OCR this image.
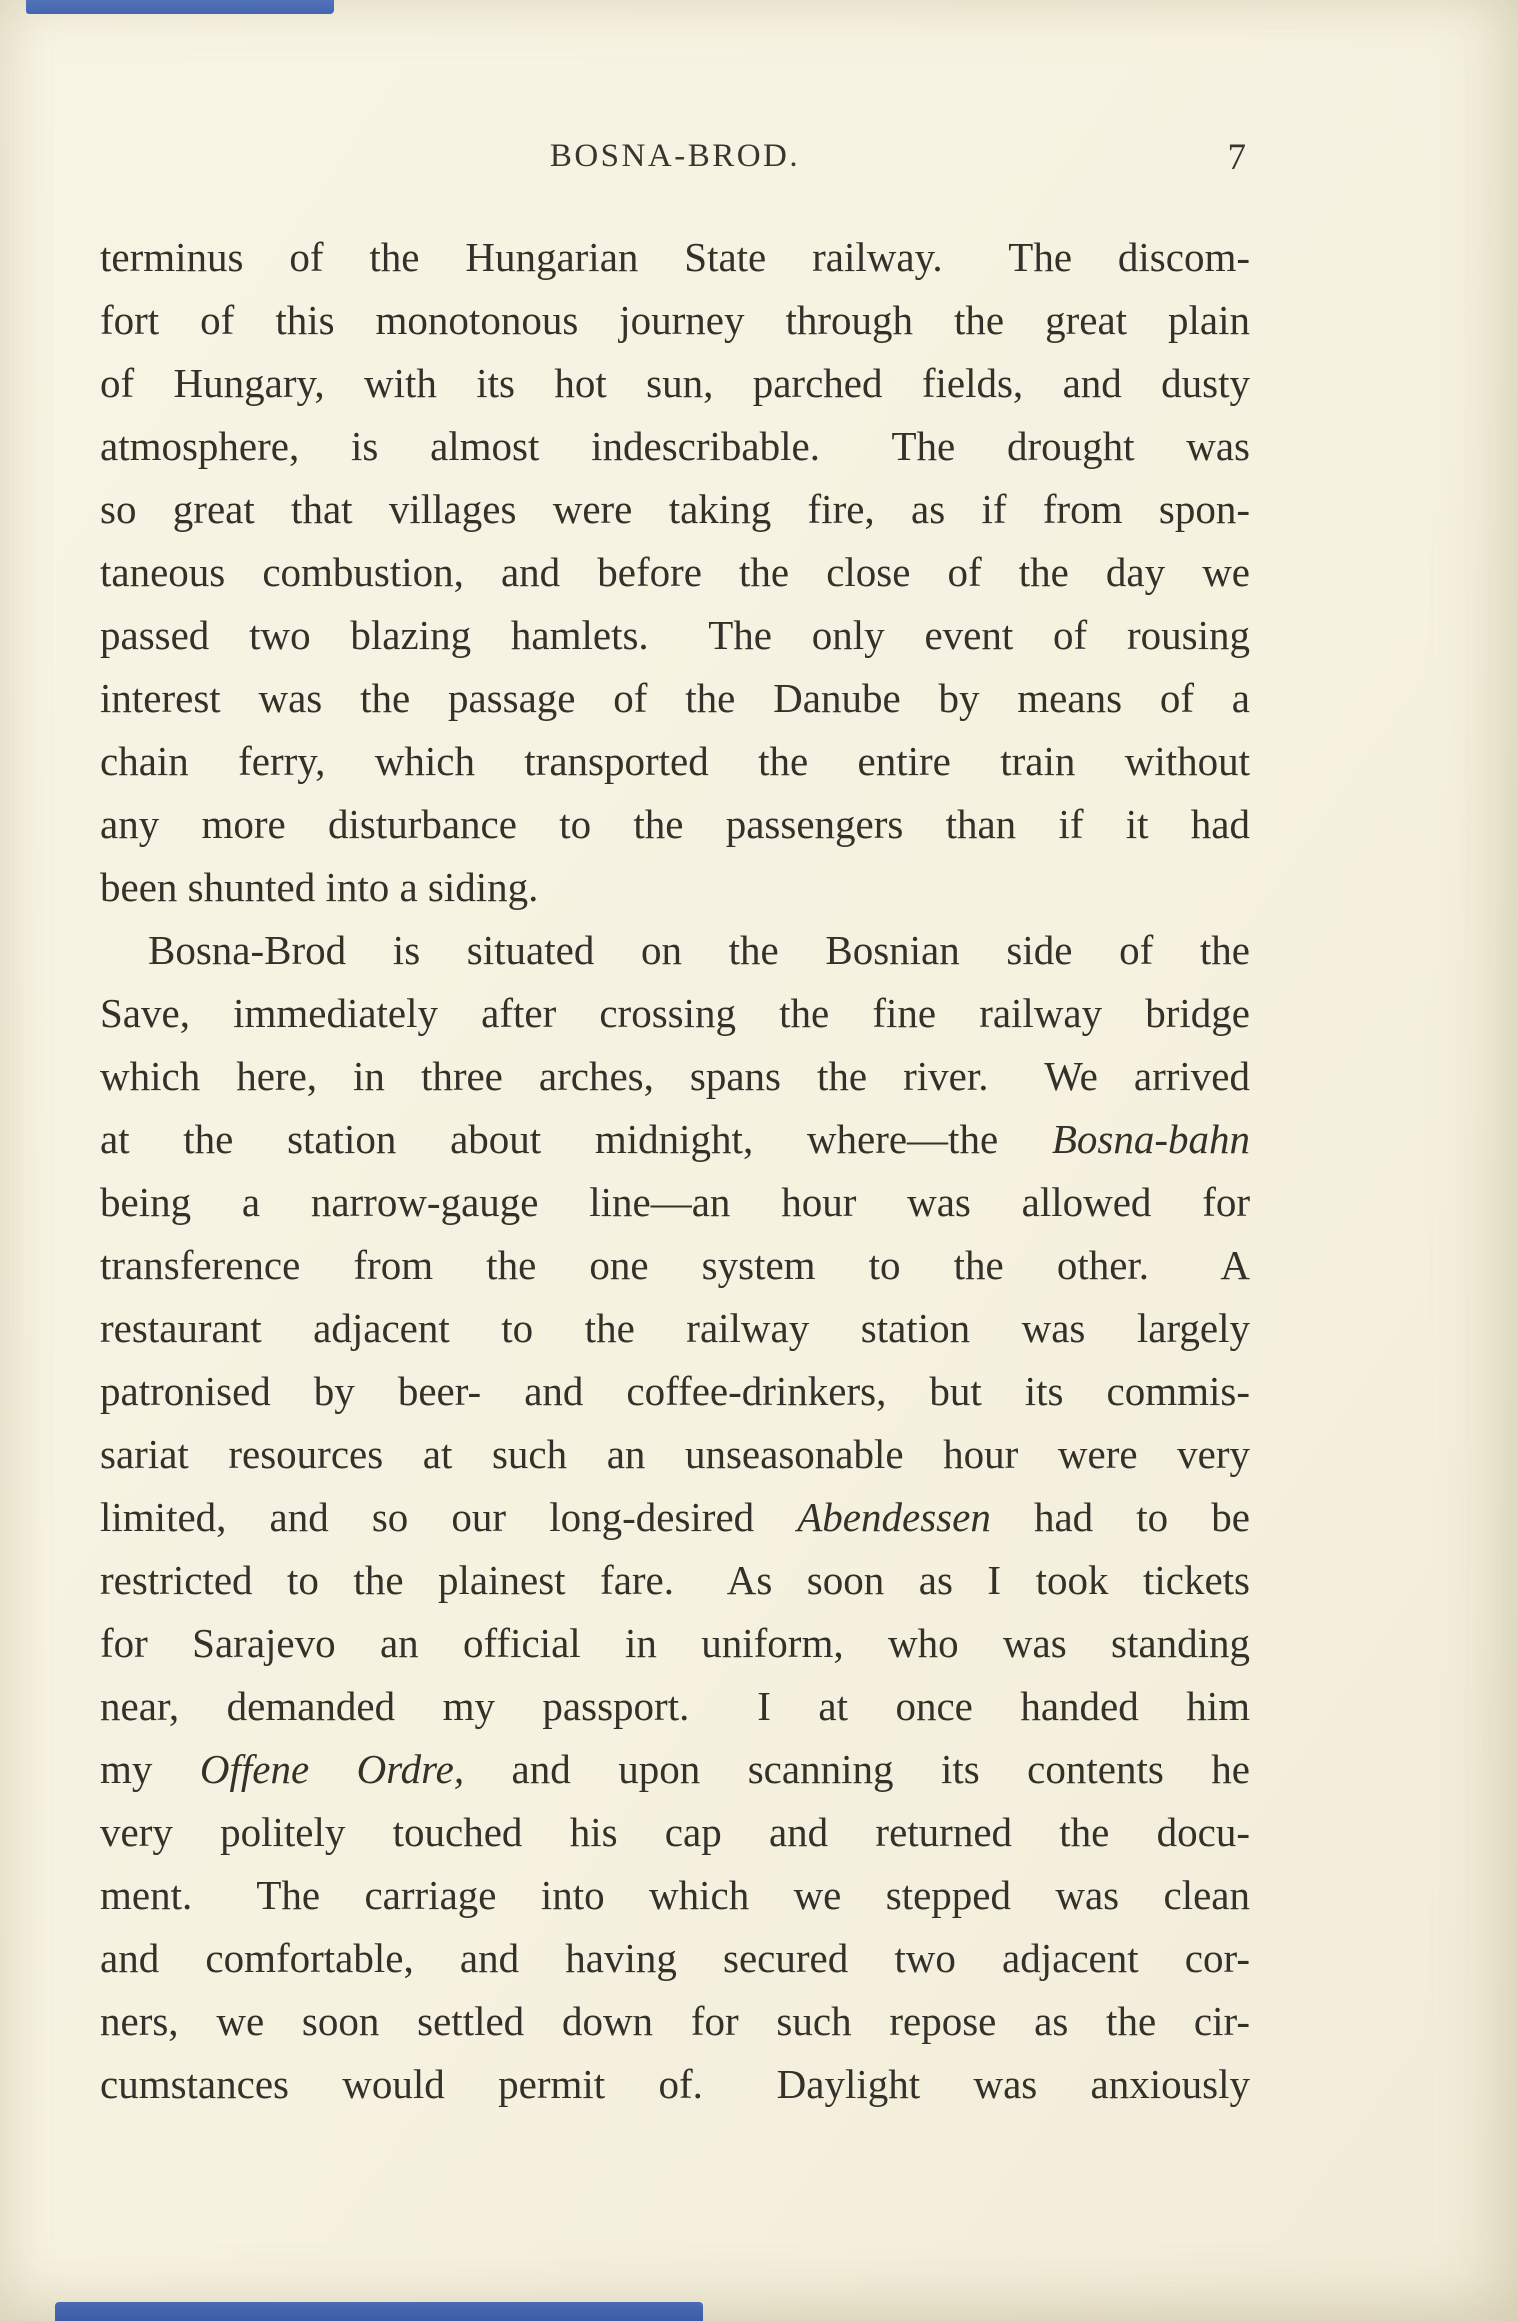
BOSNA-BROD.	7
terminus of the Hungarian State railway.  The discom-
fort of this monotonous journey through the great plain
of Hungary, with its hot sun, parched fields, and dusty
atmosphere, is almost indescribable.  The drought was
so great that villages were taking fire, as if from spon-
taneous combustion, and before the close of the day we
passed two blazing hamlets.  The only event of rousing
interest was the passage of the Danube by means of a
chain ferry, which transported the entire train without
any more disturbance to the passengers than if it had
been shunted into a siding.
Bosna-Brod is situated on the Bosnian side of the
Save, immediately after crossing the fine railway bridge
which here, in three arches, spans the river.  We arrived
at the station about midnight, where—the Bosna-bahn
being a narrow-gauge line—an hour was allowed for
transference from the one system to the other.  A
restaurant adjacent to the railway station was largely
patronised by beer- and coffee-drinkers, but its commis-
sariat resources at such an unseasonable hour were very
limited, and so our long-desired Abendessen had to be
restricted to the plainest fare.  As soon as I took tickets
for Sarajevo an official in uniform, who was standing
near, demanded my passport.  I at once handed him
my Offene Ordre, and upon scanning its contents he
very politely touched his cap and returned the docu-
ment.  The carriage into which we stepped was clean
and comfortable, and having secured two adjacent cor-
ners, we soon settled down for such repose as the cir-
cumstances would permit of.  Daylight was anxiously
